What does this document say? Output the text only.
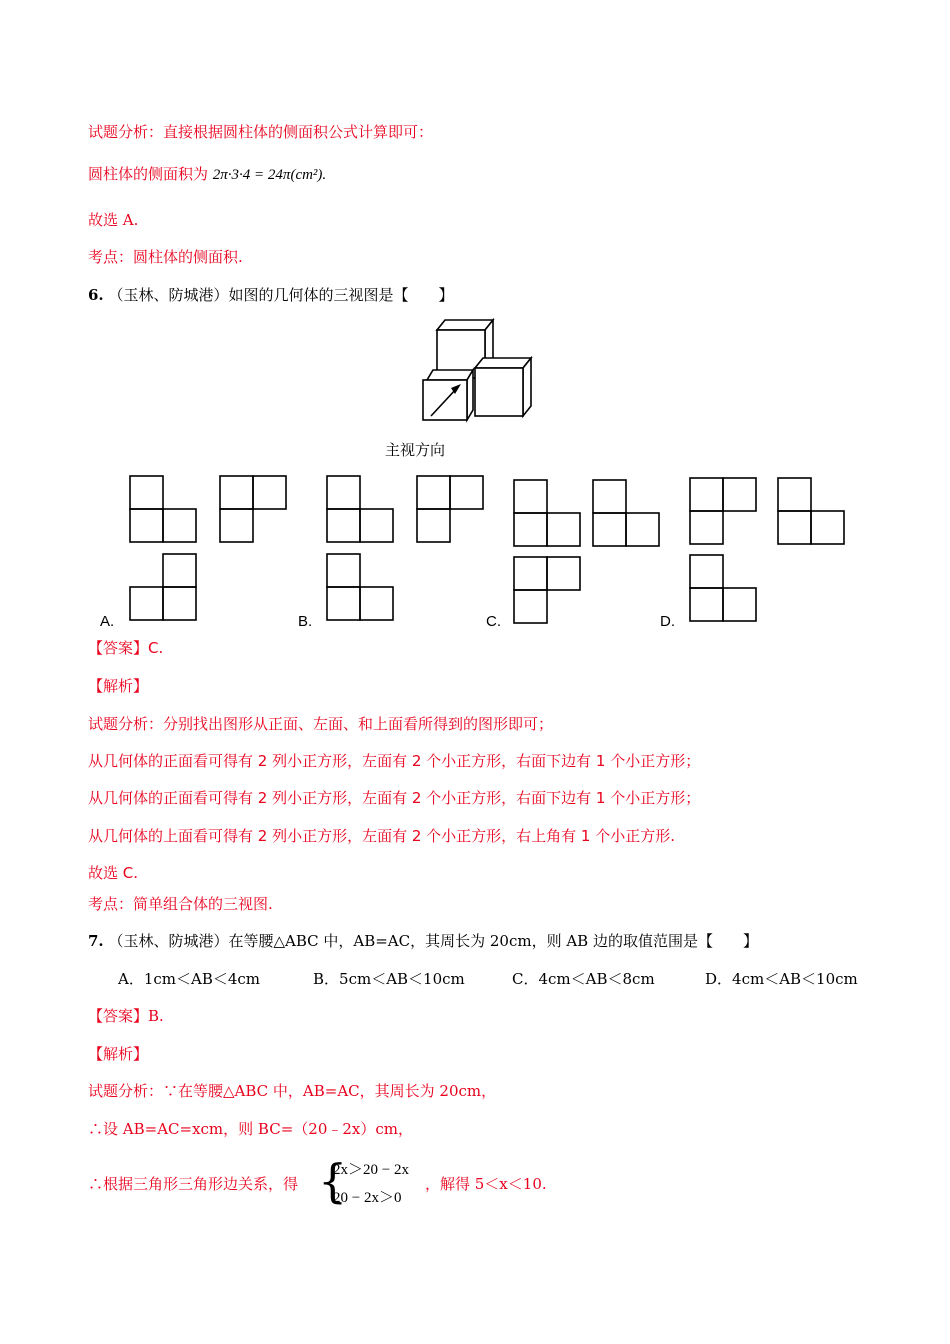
试题分析：直接根据圆柱体的侧面积公式计算即可：
圆柱体的侧面积为 2π·3·4 = 24π(cm²).
故选 A.
考点：圆柱体的侧面积.
6. （玉林、防城港）如图的几何体的三视图是【　　】
主视方向
A.	B.	C.	D.
【答案】C.
【解析】
试题分析：分别找出图形从正面、左面、和上面看所得到的图形即可；
从几何体的正面看可得有 2 列小正方形，左面有 2 个小正方形，右面下边有 1 个小正方形；
从几何体的正面看可得有 2 列小正方形，左面有 2 个小正方形，右面下边有 1 个小正方形；
从几何体的上面看可得有 2 列小正方形，左面有 2 个小正方形，右上角有 1 个小正方形.
故选 C.
考点：简单组合体的三视图.
7. （玉林、防城港）在等腰△ABC 中，AB=AC，其周长为 20cm，则 AB 边的取值范围是【　　】
A．1cm＜AB＜4cm	B．5cm＜AB＜10cm	C．4cm＜AB＜8cm	D．4cm＜AB＜10cm
【答案】B.
【解析】
试题分析：∵在等腰△ABC 中，AB=AC，其周长为 20cm，
∴设 AB=AC=xcm，则 BC=（20﹣2x）cm，
∴根据三角形三角形边关系，得 {
2x＞20 − 2x
20 − 2x＞0
，解得 5＜x＜10.
